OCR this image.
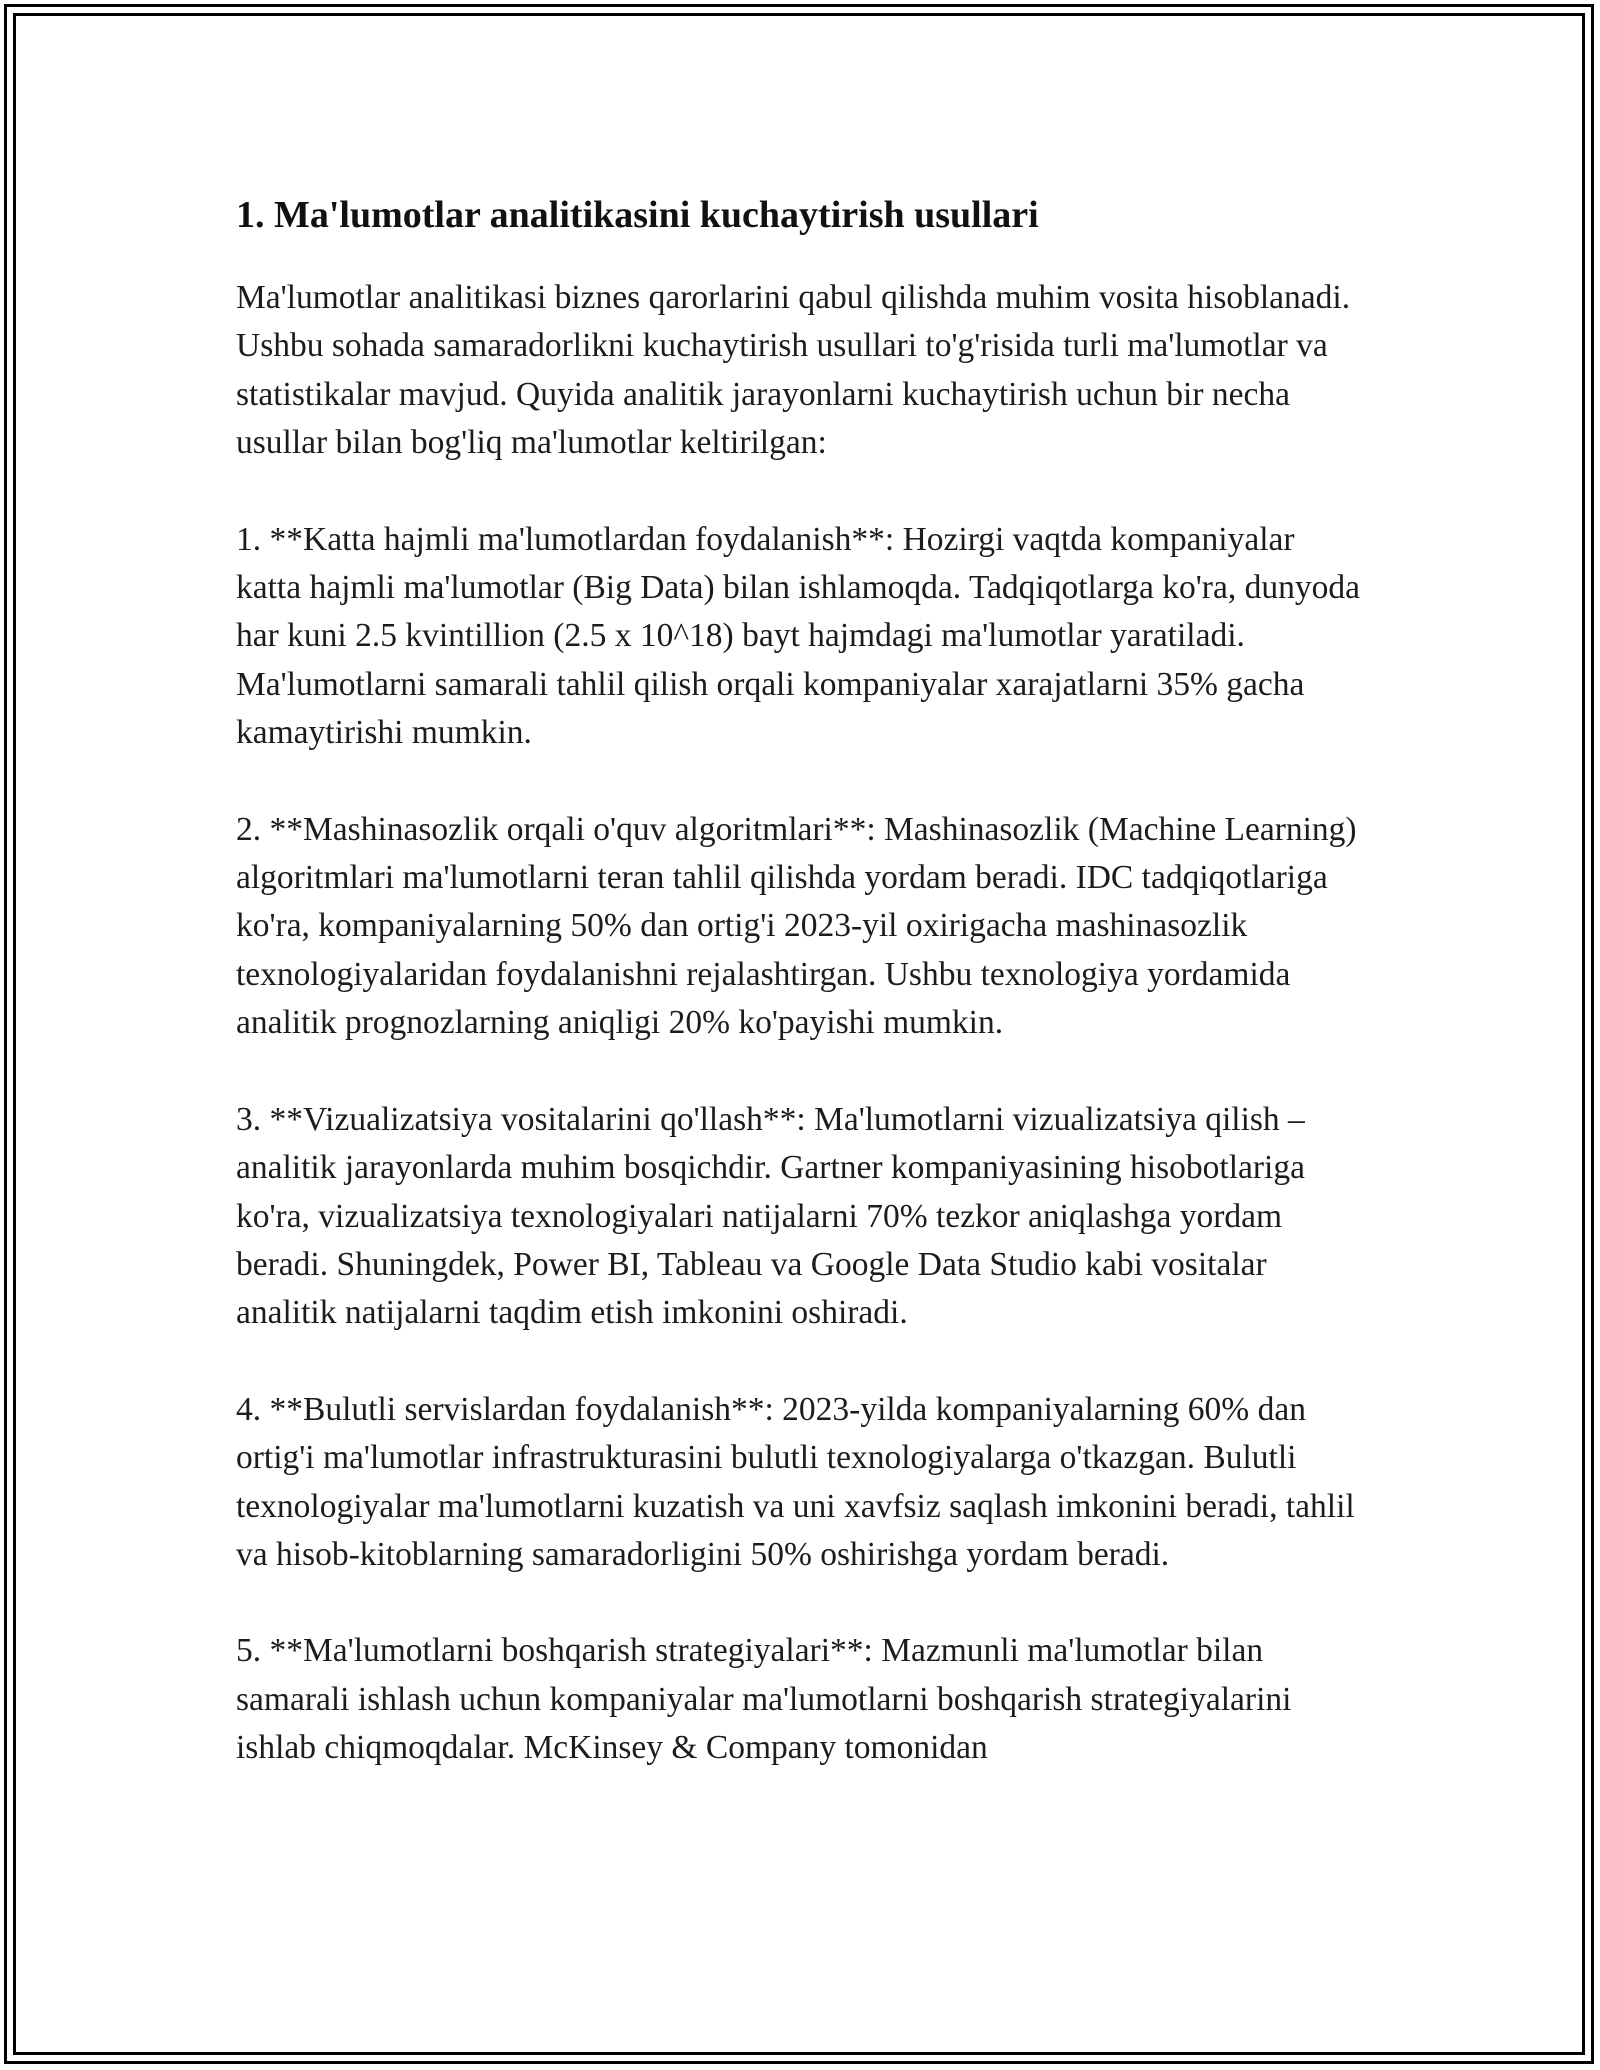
1. Ma'lumotlar analitikasini kuchaytirish usullari

Ma'lumotlar analitikasi biznes qarorlarini qabul qilishda muhim vosita hisoblanadi. Ushbu sohada samaradorlikni kuchaytirish usullari to'g'risida turli ma'lumotlar va statistikalar mavjud. Quyida analitik jarayonlarni kuchaytirish uchun bir necha usullar bilan bog'liq ma'lumotlar keltirilgan:

1. **Katta hajmli ma'lumotlardan foydalanish**: Hozirgi vaqtda kompaniyalar katta hajmli ma'lumotlar (Big Data) bilan ishlamoqda. Tadqiqotlarga ko'ra, dunyoda har kuni 2.5 kvintillion (2.5 x 10^18) bayt hajmdagi ma'lumotlar yaratiladi. Ma'lumotlarni samarali tahlil qilish orqali kompaniyalar xarajatlarni 35% gacha kamaytirishi mumkin.

2. **Mashinasozlik orqali o'quv algoritmlari**: Mashinasozlik (Machine Learning) algoritmlari ma'lumotlarni teran tahlil qilishda yordam beradi. IDC tadqiqotlariga ko'ra, kompaniyalarning 50% dan ortig'i 2023-yil oxirigacha mashinasozlik texnologiyalaridan foydalanishni rejalashtirgan. Ushbu texnologiya yordamida analitik prognozlarning aniqligi 20% ko'payishi mumkin.

3. **Vizualizatsiya vositalarini qo'llash**: Ma'lumotlarni vizualizatsiya qilish – analitik jarayonlarda muhim bosqichdir. Gartner kompaniyasining hisobotlariga ko'ra, vizualizatsiya texnologiyalari natijalarni 70% tezkor aniqlashga yordam beradi. Shuningdek, Power BI, Tableau va Google Data Studio kabi vositalar analitik natijalarni taqdim etish imkonini oshiradi.

4. **Bulutli servislardan foydalanish**: 2023-yilda kompaniyalarning 60% dan ortig'i ma'lumotlar infrastrukturasini bulutli texnologiyalarga o'tkazgan. Bulutli texnologiyalar ma'lumotlarni kuzatish va uni xavfsiz saqlash imkonini beradi, tahlil va hisob-kitoblarning samaradorligini 50% oshirishga yordam beradi.

5. **Ma'lumotlarni boshqarish strategiyalari**: Mazmunli ma'lumotlar bilan samarali ishlash uchun kompaniyalar ma'lumotlarni boshqarish strategiyalarini ishlab chiqmoqdalar. McKinsey & Company tomonidan
